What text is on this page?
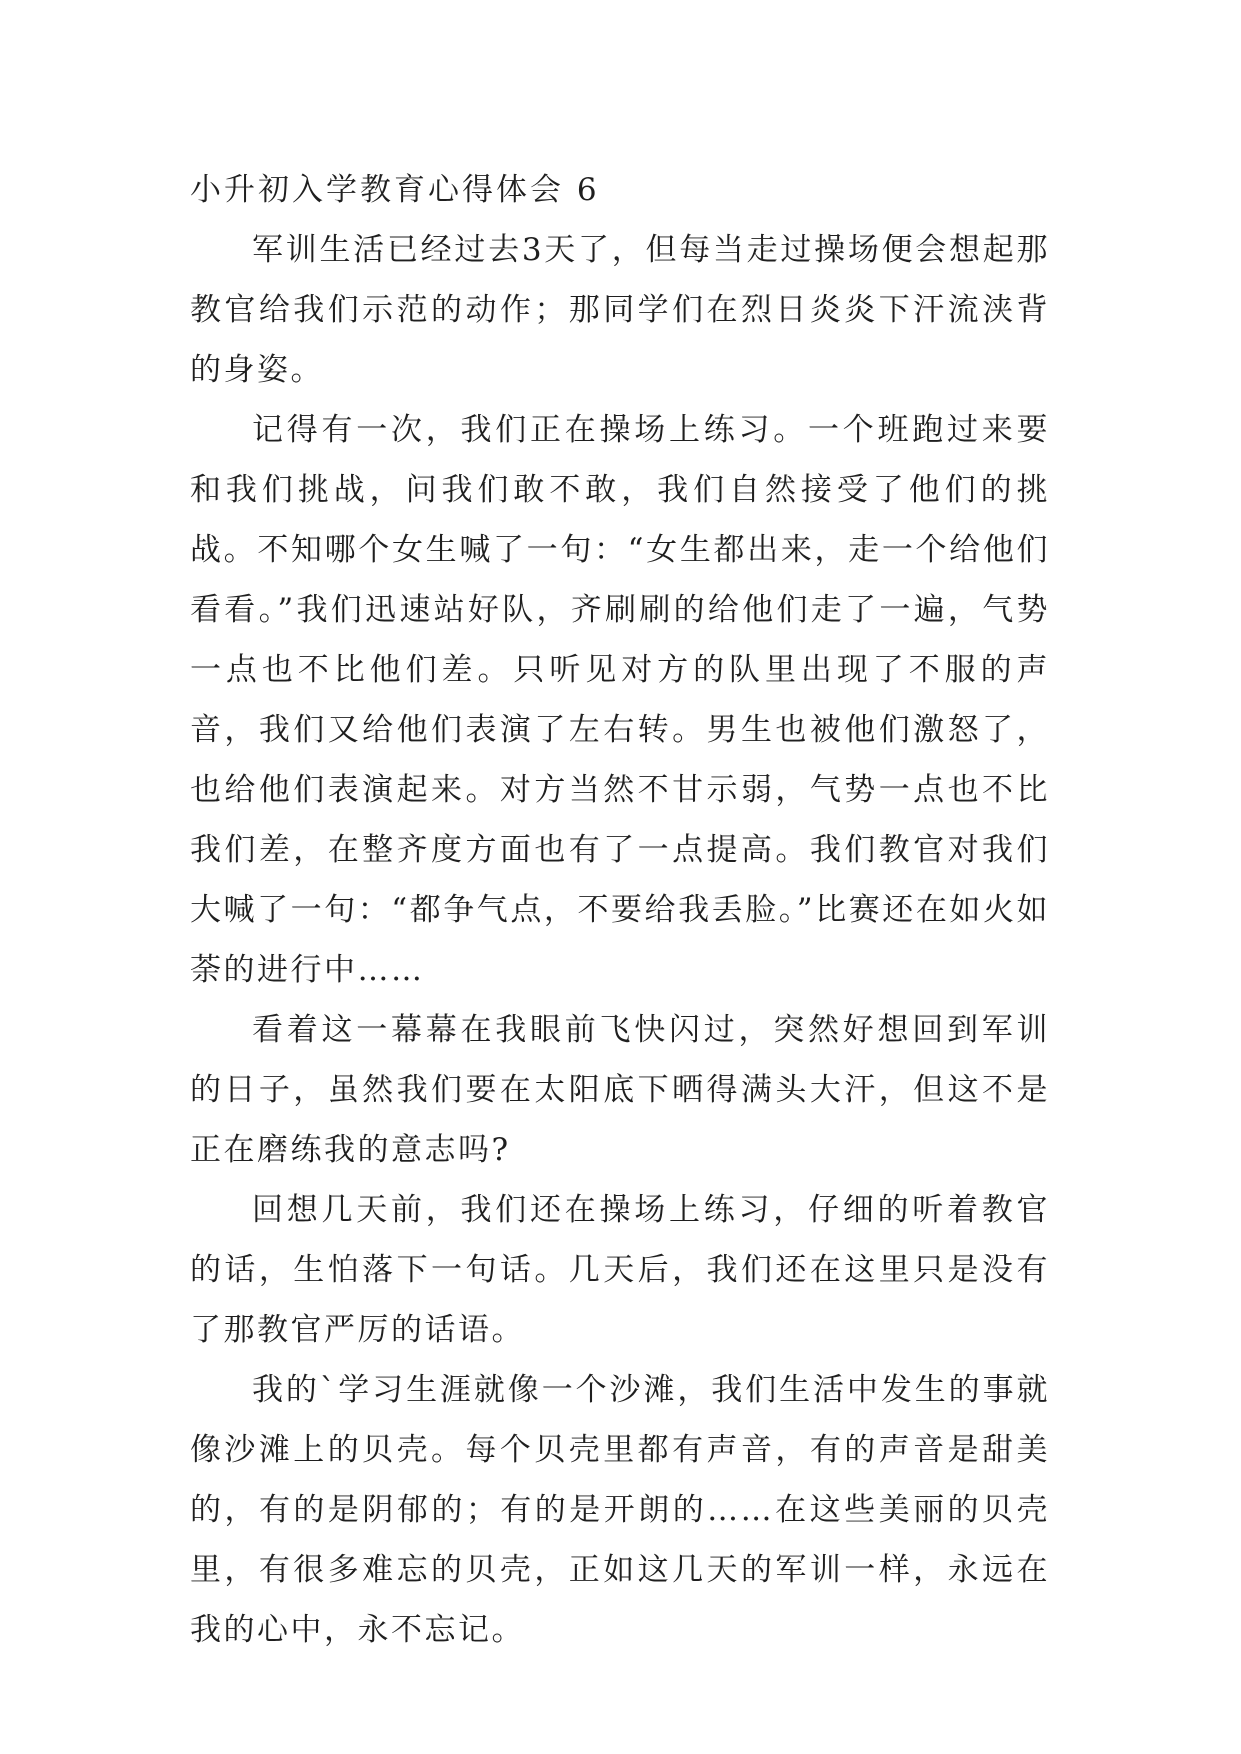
小升初入学教育心得体会 6

军训生活已经过去3天了，但每当走过操场便会想起那教官给我们示范的动作；那同学们在烈日炎炎下汗流浃背的身姿。

记得有一次，我们正在操场上练习。一个班跑过来要和我们挑战，问我们敢不敢，我们自然接受了他们的挑战。不知哪个女生喊了一句：“女生都出来，走一个给他们看看。”我们迅速站好队，齐刷刷的给他们走了一遍，气势一点也不比他们差。只听见对方的队里出现了不服的声音，我们又给他们表演了左右转。男生也被他们激怒了，也给他们表演起来。对方当然不甘示弱，气势一点也不比我们差，在整齐度方面也有了一点提高。我们教官对我们大喊了一句：“都争气点，不要给我丢脸。”比赛还在如火如荼的进行中……

看着这一幕幕在我眼前飞快闪过，突然好想回到军训的日子，虽然我们要在太阳底下晒得满头大汗，但这不是正在磨练我的意志吗?

回想几天前，我们还在操场上练习，仔细的听着教官的话，生怕落下一句话。几天后，我们还在这里只是没有了那教官严厉的话语。

我的`学习生涯就像一个沙滩，我们生活中发生的事就像沙滩上的贝壳。每个贝壳里都有声音，有的声音是甜美的，有的是阴郁的；有的是开朗的……在这些美丽的贝壳里，有很多难忘的贝壳，正如这几天的军训一样，永远在我的心中，永不忘记。
